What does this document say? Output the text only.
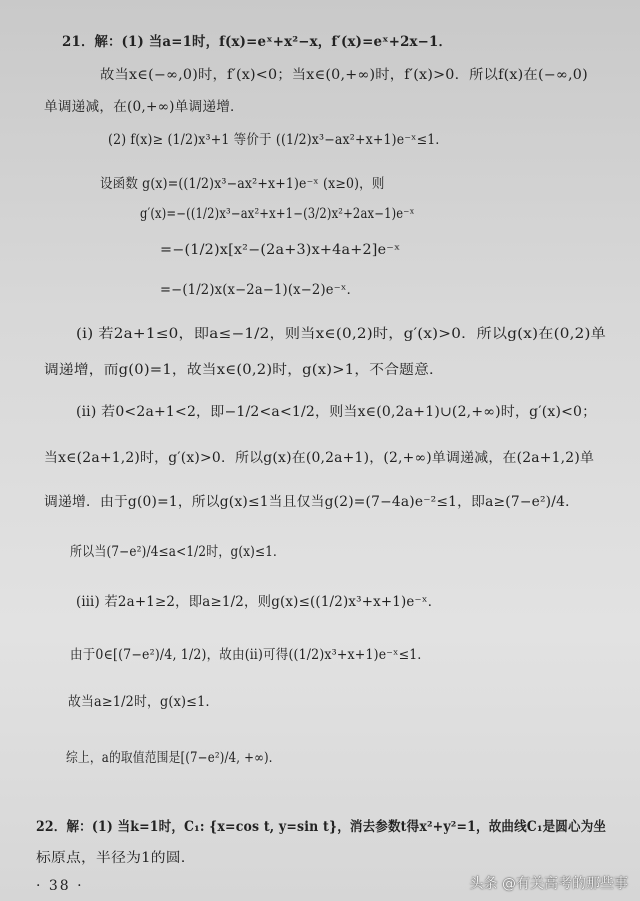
21．解：(1) 当a=1时，f(x)=eˣ+x²−x，f′(x)=eˣ+2x−1．
故当x∈(−∞,0)时，f′(x)<0；当x∈(0,+∞)时，f′(x)>0．所以f(x)在(−∞,0)
单调递减，在(0,+∞)单调递增．
(2) f(x)≥ (1/2)x³+1 等价于 ((1/2)x³−ax²+x+1)e⁻ˣ≤1．
设函数 g(x)=((1/2)x³−ax²+x+1)e⁻ˣ (x≥0)，则
g′(x)=−((1/2)x³−ax²+x+1−(3/2)x²+2ax−1)e⁻ˣ
=−(1/2)x[x²−(2a+3)x+4a+2]e⁻ˣ
=−(1/2)x(x−2a−1)(x−2)e⁻ˣ．
(ⅰ) 若2a+1≤0，即a≤−1/2，则当x∈(0,2)时，g′(x)>0．所以g(x)在(0,2)单
调递增，而g(0)=1，故当x∈(0,2)时，g(x)>1，不合题意．
(ⅱ) 若0<2a+1<2，即−1/2<a<1/2，则当x∈(0,2a+1)∪(2,+∞)时，g′(x)<0；
当x∈(2a+1,2)时，g′(x)>0．所以g(x)在(0,2a+1)，(2,+∞)单调递减，在(2a+1,2)单
调递增．由于g(0)=1，所以g(x)≤1当且仅当g(2)=(7−4a)e⁻²≤1，即a≥(7−e²)/4．
所以当(7−e²)/4≤a<1/2时，g(x)≤1．
(ⅲ) 若2a+1≥2，即a≥1/2，则g(x)≤((1/2)x³+x+1)e⁻ˣ．
由于0∈[(7−e²)/4, 1/2)，故由(ⅱ)可得((1/2)x³+x+1)e⁻ˣ≤1．
故当a≥1/2时，g(x)≤1．
综上，a的取值范围是[(7−e²)/4, +∞)．
22．解：(1) 当k=1时，C₁: {x=cos t, y=sin t}，消去参数t得x²+y²=1，故曲线C₁是圆心为坐
标原点，半径为1的圆．
· 38 ·	头条 @有关高考的那些事
